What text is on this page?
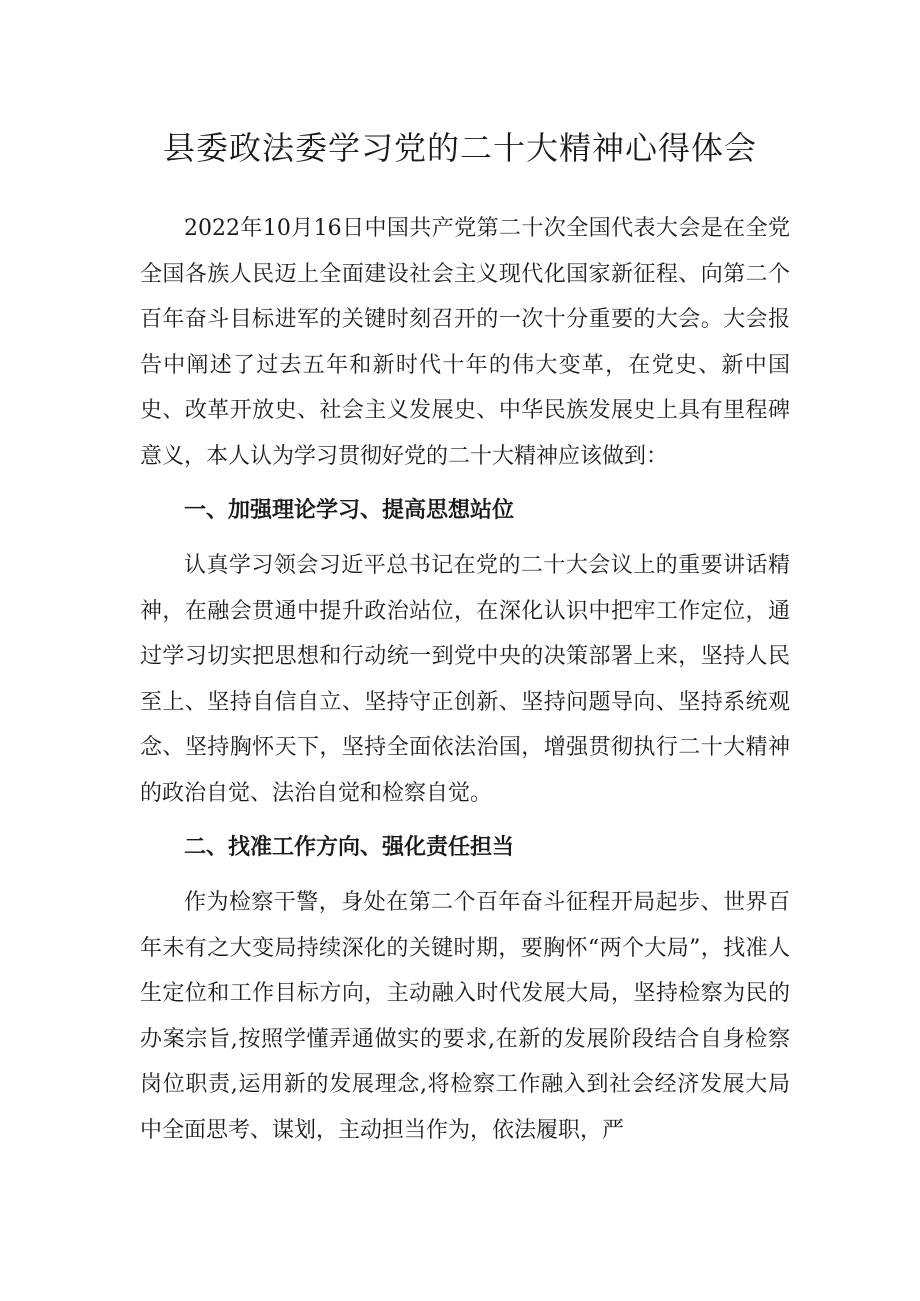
县委政法委学习党的二十大精神心得体会

2022年10月16日中国共产党第二十次全国代表大会是在全党全国各族人民迈上全面建设社会主义现代化国家新征程、向第二个百年奋斗目标进军的关键时刻召开的一次十分重要的大会。大会报告中阐述了过去五年和新时代十年的伟大变革，在党史、新中国史、改革开放史、社会主义发展史、中华民族发展史上具有里程碑意义，本人认为学习贯彻好党的二十大精神应该做到：

一、加强理论学习、提高思想站位

认真学习领会习近平总书记在党的二十大会议上的重要讲话精神，在融会贯通中提升政治站位，在深化认识中把牢工作定位，通过学习切实把思想和行动统一到党中央的决策部署上来，坚持人民至上、坚持自信自立、坚持守正创新、坚持问题导向、坚持系统观念、坚持胸怀天下，坚持全面依法治国，增强贯彻执行二十大精神的政治自觉、法治自觉和检察自觉。

二、找准工作方向、强化责任担当

作为检察干警，身处在第二个百年奋斗征程开局起步、世界百年未有之大变局持续深化的关键时期，要胸怀“两个大局”，找准人生定位和工作目标方向，主动融入时代发展大局，坚持检察为民的办案宗旨,按照学懂弄通做实的要求,在新的发展阶段结合自身检察岗位职责,运用新的发展理念,将检察工作融入到社会经济发展大局中全面思考、谋划，主动担当作为，依法履职，严
